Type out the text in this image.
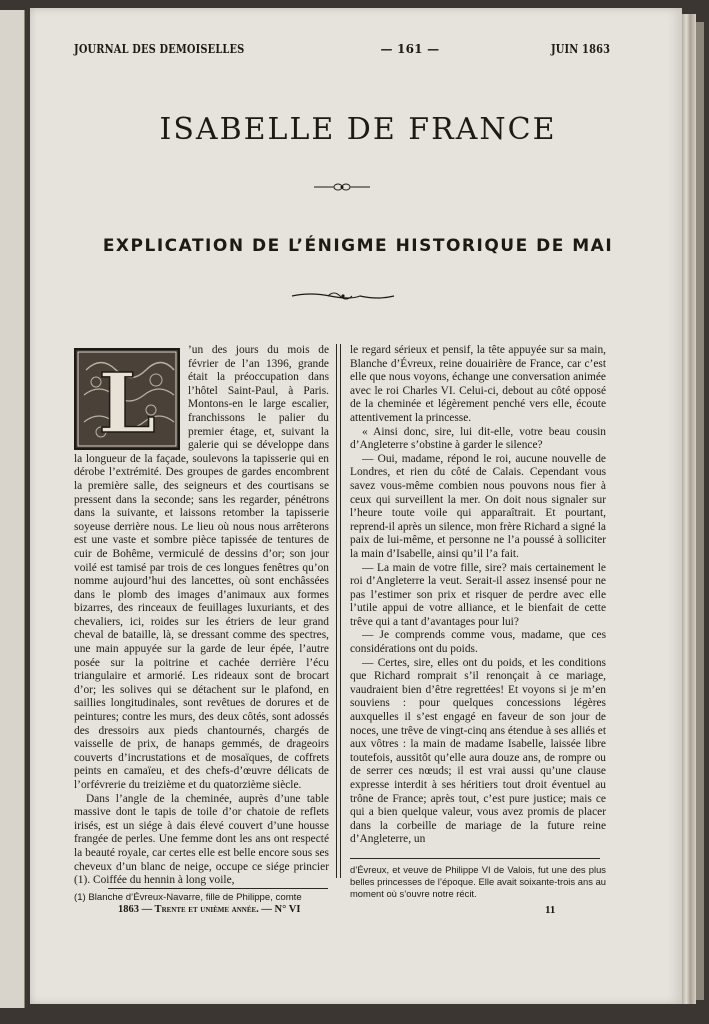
JOURNAL DES DEMOISELLES	— 161 —	JUIN 1863
ISABELLE DE FRANCE
EXPLICATION DE L’ÉNIGME HISTORIQUE DE MAI

L
’un des jours du mois de février de l’an 1396, grande était la préoccupation dans l’hôtel Saint-Paul, à Paris. Montons-en le large escalier, franchissons le palier du premier étage, et, suivant la galerie qui se développe dans la longueur de la façade, soulevons la tapisserie qui en dérobe l’extrémité. Des groupes de gardes encombrent la première salle, des seigneurs et des courtisans se pressent dans la seconde; sans les regarder, pénétrons dans la suivante, et laissons retomber la tapisserie soyeuse derrière nous. Le lieu où nous nous arrêterons est une vaste et sombre pièce tapissée de tentures de cuir de Bohême, vermiculé de dessins d’or; son jour voilé est tamisé par trois de ces longues fenêtres qu’on nomme aujourd’hui des lancettes, où sont enchâssées dans le plomb des images d’animaux aux formes bizarres, des rinceaux de feuillages luxuriants, et des chevaliers, ici, roides sur les étriers de leur grand cheval de bataille, là, se dressant comme des spectres, une main appuyée sur la garde de leur épée, l’autre posée sur la poitrine et cachée derrière l’écu triangulaire et armorié. Les rideaux sont de brocart d’or; les solives qui se détachent sur le plafond, en saillies longitudinales, sont revêtues de dorures et de peintures; contre les murs, des deux côtés, sont adossés des dressoirs aux pieds chantournés, chargés de vaisselle de prix, de hanaps gemmés, de drageoirs couverts d’incrustations et de mosaïques, de coffrets peints en camaïeu, et des chefs-d’œuvre délicats de l’orfévrerie du treizième et du quatorzième siècle.

Dans l’angle de la cheminée, auprès d’une table massive dont le tapis de toile d’or chatoie de reflets irisés, est un siége à dais élevé couvert d’une housse frangée de perles. Une femme dont les ans ont respecté la beauté royale, car certes elle est belle encore sous ses cheveux d’un blanc de neige, occupe ce siége princier (1). Coiffée du hennin à long voile,

le regard sérieux et pensif, la tête appuyée sur sa main, Blanche d’Évreux, reine douairière de France, car c’est elle que nous voyons, échange une conversation animée avec le roi Charles VI. Celui-ci, debout au côté opposé de la cheminée et légèrement penché vers elle, écoute attentivement la princesse.

« Ainsi donc, sire, lui dit-elle, votre beau cousin d’Angleterre s’obstine à garder le silence?

— Oui, madame, répond le roi, aucune nouvelle de Londres, et rien du côté de Calais. Cependant vous savez vous-même combien nous pouvons nous fier à ceux qui surveillent la mer. On doit nous signaler sur l’heure toute voile qui apparaîtrait. Et pourtant, reprend-il après un silence, mon frère Richard a signé la paix de lui-même, et personne ne l’a poussé à solliciter la main d’Isabelle, ainsi qu’il l’a fait.

— La main de votre fille, sire? mais certainement le roi d’Angleterre la veut. Serait-il assez insensé pour ne pas l’estimer son prix et risquer de perdre avec elle l’utile appui de votre alliance, et le bienfait de cette trêve qui a tant d’avantages pour lui?

— Je comprends comme vous, madame, que ces considérations ont du poids.

— Certes, sire, elles ont du poids, et les conditions que Richard romprait s’il renonçait à ce mariage, vaudraient bien d’être regrettées! Et voyons si je m’en souviens : pour quelques concessions légères auxquelles il s’est engagé en faveur de son jour de noces, une trêve de vingt-cinq ans étendue à ses alliés et aux vôtres : la main de madame Isabelle, laissée libre toutefois, aussitôt qu’elle aura douze ans, de rompre ou de serrer ces nœuds; il est vrai aussi qu’une clause expresse interdit à ses héritiers tout droit éventuel au trône de France; après tout, c’est pure justice; mais ce qui a bien quelque valeur, vous avez promis de placer dans la corbeille de mariage de la future reine d’Angleterre, un

(1) Blanche d’Évreux-Navarre, fille de Philippe, comte
d’Évreux, et veuve de Philippe VI de Valois, fut une des plus belles princesses de l’époque. Elle avait soixante-trois ans au moment où s’ouvre notre récit.
1863 — Trente et unième année. — N° VI	11
